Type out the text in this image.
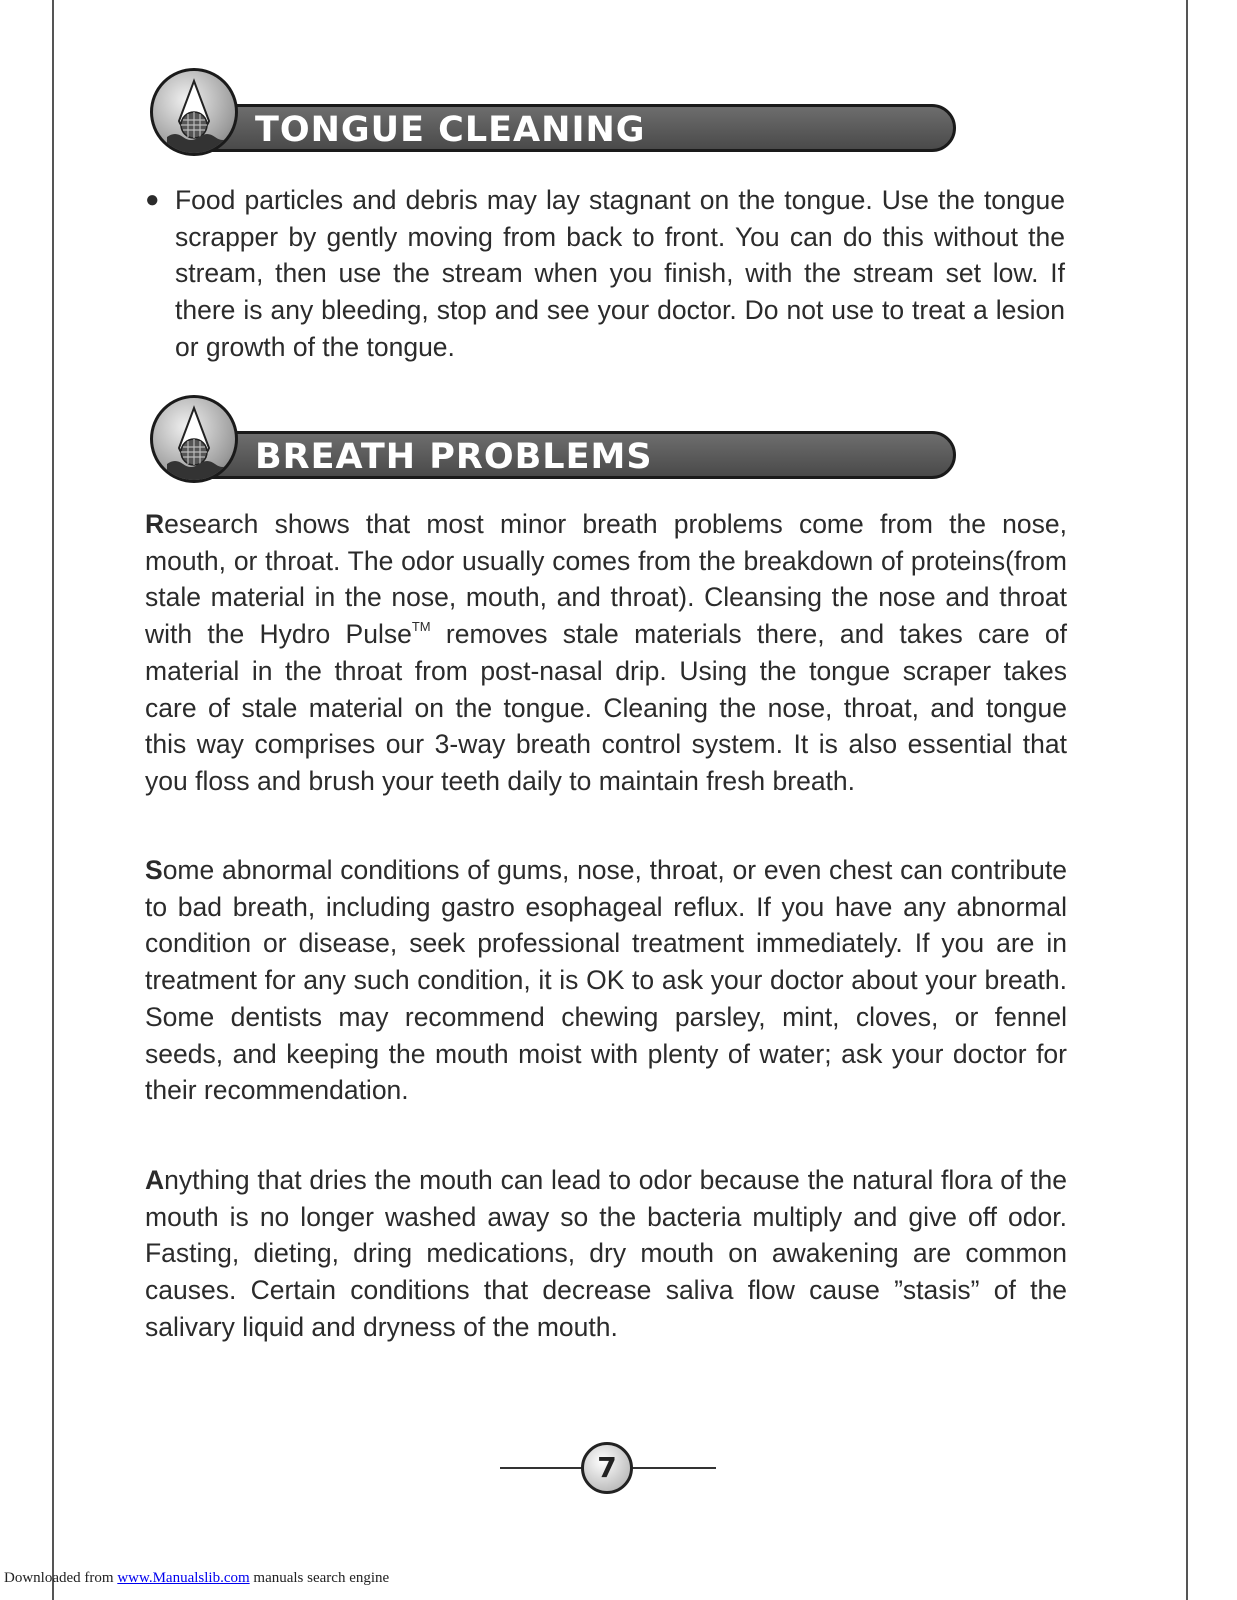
TONGUE CLEANING
● Food particles and debris may lay stagnant on the tongue. Use the tongue scrapper by gently moving from back to front. You can do this without the stream, then use the stream when you finish, with the stream set low. If there is any bleeding, stop and see your doctor. Do not use to treat a lesion or growth of the tongue.
BREATH PROBLEMS

Research shows that most minor breath problems come from the nose, mouth, or throat. The odor usually comes from the breakdown of proteins(from stale material in the nose, mouth, and throat). Cleansing the nose and throat with the Hydro Pulse™ removes stale materials there, and takes care of material in the throat from post-nasal drip. Using the tongue scraper takes care of stale material on the tongue. Cleaning the nose, throat, and tongue this way comprises our 3-way breath control system. It is also essential that you floss and brush your teeth daily to maintain fresh breath.

Some abnormal conditions of gums, nose, throat, or even chest can contribute to bad breath, including gastro esophageal reflux. If you have any abnormal condition or disease, seek professional treatment immediately. If you are in treatment for any such condition, it is OK to ask your doctor about your breath. Some dentists may recommend chewing parsley, mint, cloves, or fennel seeds, and keeping the mouth moist with plenty of water; ask your doctor for their recommendation.

Anything that dries the mouth can lead to odor because the natural flora of the mouth is no longer washed away so the bacteria multiply and give off odor. Fasting, dieting, dring medications, dry mouth on awakening are common causes. Certain conditions that decrease saliva flow cause ”stasis” of the salivary liquid and dryness of the mouth.

7
Downloaded from www.Manualslib.com manuals search engine
